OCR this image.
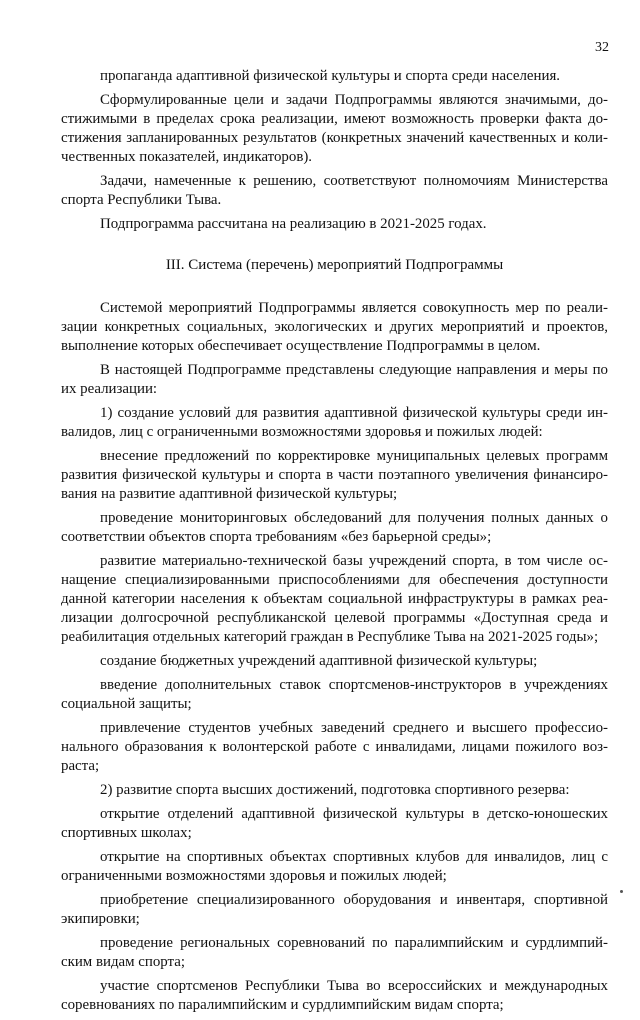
32

пропаганда адаптивной физической культуры и спорта среди населения.

Сформулированные цели и задачи Подпрограммы являются значимыми, достижимыми в пределах срока реализации, имеют возможность проверки факта достижения запланированных результатов (конкретных значений качественных и количественных показателей, индикаторов).

Задачи, намеченные к решению, соответствуют полномочиям Министерства спорта Республики Тыва.

Подпрограмма рассчитана на реализацию в 2021-2025 годах.

III. Система (перечень) мероприятий Подпрограммы

Системой мероприятий Подпрограммы является совокупность мер по реализации конкретных социальных, экологических и других мероприятий и проектов, выполнение которых обеспечивает осуществление Подпрограммы в целом.

В настоящей Подпрограмме представлены следующие направления и меры по их реализации:

1) создание условий для развития адаптивной физической культуры среди инвалидов, лиц с ограниченными возможностями здоровья и пожилых людей:

внесение предложений по корректировке муниципальных целевых программ развития физической культуры и спорта в части поэтапного увеличения финансирования на развитие адаптивной физической культуры;

проведение мониторинговых обследований для получения полных данных о соответствии объектов спорта требованиям «без барьерной среды»;

развитие материально-технической базы учреждений спорта, в том числе оснащение специализированными приспособлениями для обеспечения доступности данной категории населения к объектам социальной инфраструктуры в рамках реализации долгосрочной республиканской целевой программы «Доступная среда и реабилитация отдельных категорий граждан в Республике Тыва на 2021-2025 годы»;

создание бюджетных учреждений адаптивной физической культуры;

введение дополнительных ставок спортсменов-инструкторов в учреждениях социальной защиты;

привлечение студентов учебных заведений среднего и высшего профессионального образования к волонтерской работе с инвалидами, лицами пожилого возраста;

2) развитие спорта высших достижений, подготовка спортивного резерва:

открытие отделений адаптивной физической культуры в детско-юношеских спортивных школах;

открытие на спортивных объектах спортивных клубов для инвалидов, лиц с ограниченными возможностями здоровья и пожилых людей;

приобретение специализированного оборудования и инвентаря, спортивной экипировки;

проведение региональных соревнований по паралимпийским и сурдлимпийским видам спорта;

участие спортсменов Республики Тыва во всероссийских и международных соревнованиях по паралимпийским и сурдлимпийским видам спорта;
